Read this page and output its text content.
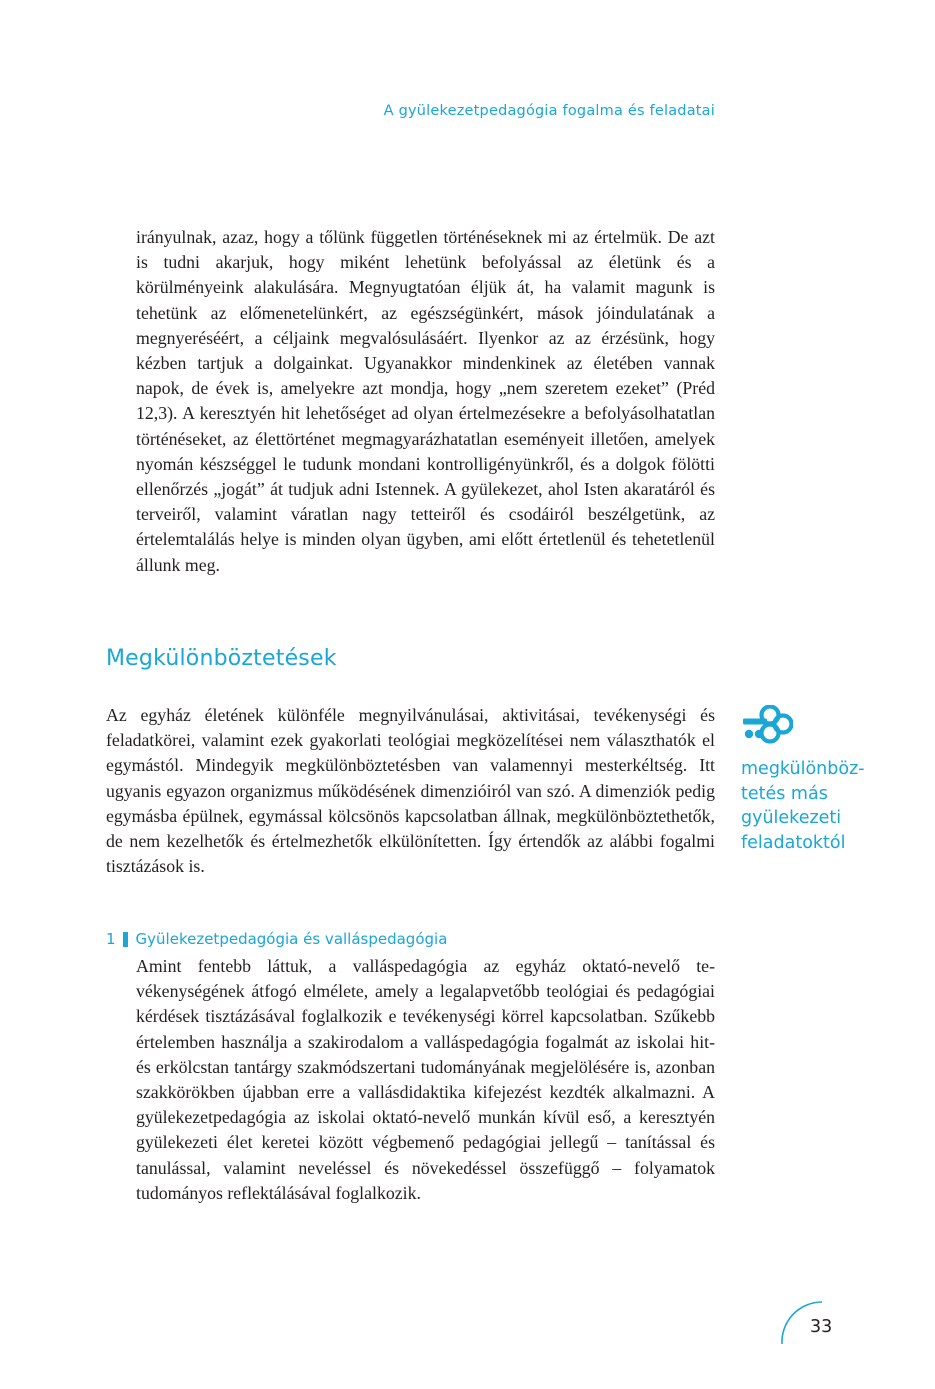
A gyülekezetpedagógia fogalma és feladatai

irányulnak, azaz, hogy a tőlünk független történéseknek mi az értelmük. De azt is tudni akarjuk, hogy miként lehetünk befolyással az életünk és a körülményeink alakulására. Megnyugtatóan éljük át, ha valamit magunk is tehetünk az előmenetelünkért, az egészségünkért, mások jóindulatának a megnyeréséért, a céljaink megvalósulásáért. Ilyenkor az az érzésünk, hogy kézben tartjuk a dolgainkat. Ugyanakkor mindenkinek az életében vannak napok, de évek is, amelyekre azt mondja, hogy „nem szeretem ezeket” (Préd 12,3). A keresztyén hit lehetőséget ad olyan értelmezésekre a befolyásolhatatlan történéseket, az élettörténet megmagyarázhatatlan eseményeit illetően, amelyek nyomán készséggel le tudunk mondani kontrolligényünkről, és a dolgok fölötti ellenőrzés „jogát” át tudjuk adni Istennek. A gyülekezet, ahol Isten akaratáról és terveiről, valamint váratlan nagy tetteiről és csodáiról beszélgetünk, az értelemtalálás helye is minden olyan ügyben, ami előtt értetlenül és tehetetlenül állunk meg.

Megkülönböztetések

Az egyház életének különféle megnyilvánulásai, aktivitásai, tevékenységi és feladatkörei, valamint ezek gyakorlati teológiai megközelítései nem választhatók el egymástól. Mindegyik megkülönböztetésben van valamennyi mesterkéltség. Itt ugyanis egyazon organizmus működésének dimenzióiról van szó. A dimenziók pedig egymásba épülnek, egymással kölcsönös kapcsolatban állnak, megkülönböztethetők, de nem kezelhetők és értelmezhetők elkülönítetten. Így értendők az alábbi fogalmi tisztázások is.

megkülönböz-
tetés más
gyülekezeti
feladatoktól
1 Gyülekezetpedagógia és valláspedagógia

Amint fentebb láttuk, a valláspedagógia az egyház oktató-nevelő tevékenységének átfogó elmélete, amely a legalapvetőbb teológiai és pedagógiai kérdések tisztázásával foglalkozik e tevékenységi körrel kapcsolatban. Szűkebb értelemben használja a szakirodalom a valláspedagógia fogalmát az iskolai hit- és erkölcstan tantárgy szakmódszertani tudományának megjelölésére is, azonban szakkörökben újabban erre a vallásdidaktika kifejezést kezdték alkalmazni. A gyülekezetpedagógia az iskolai oktató-nevelő munkán kívül eső, a keresztyén gyülekezeti élet keretei között végbemenő pedagógiai jellegű – tanítással és tanulással, valamint neveléssel és növekedéssel összefüggő – folyamatok tudományos reflektálásával foglalkozik.

33
